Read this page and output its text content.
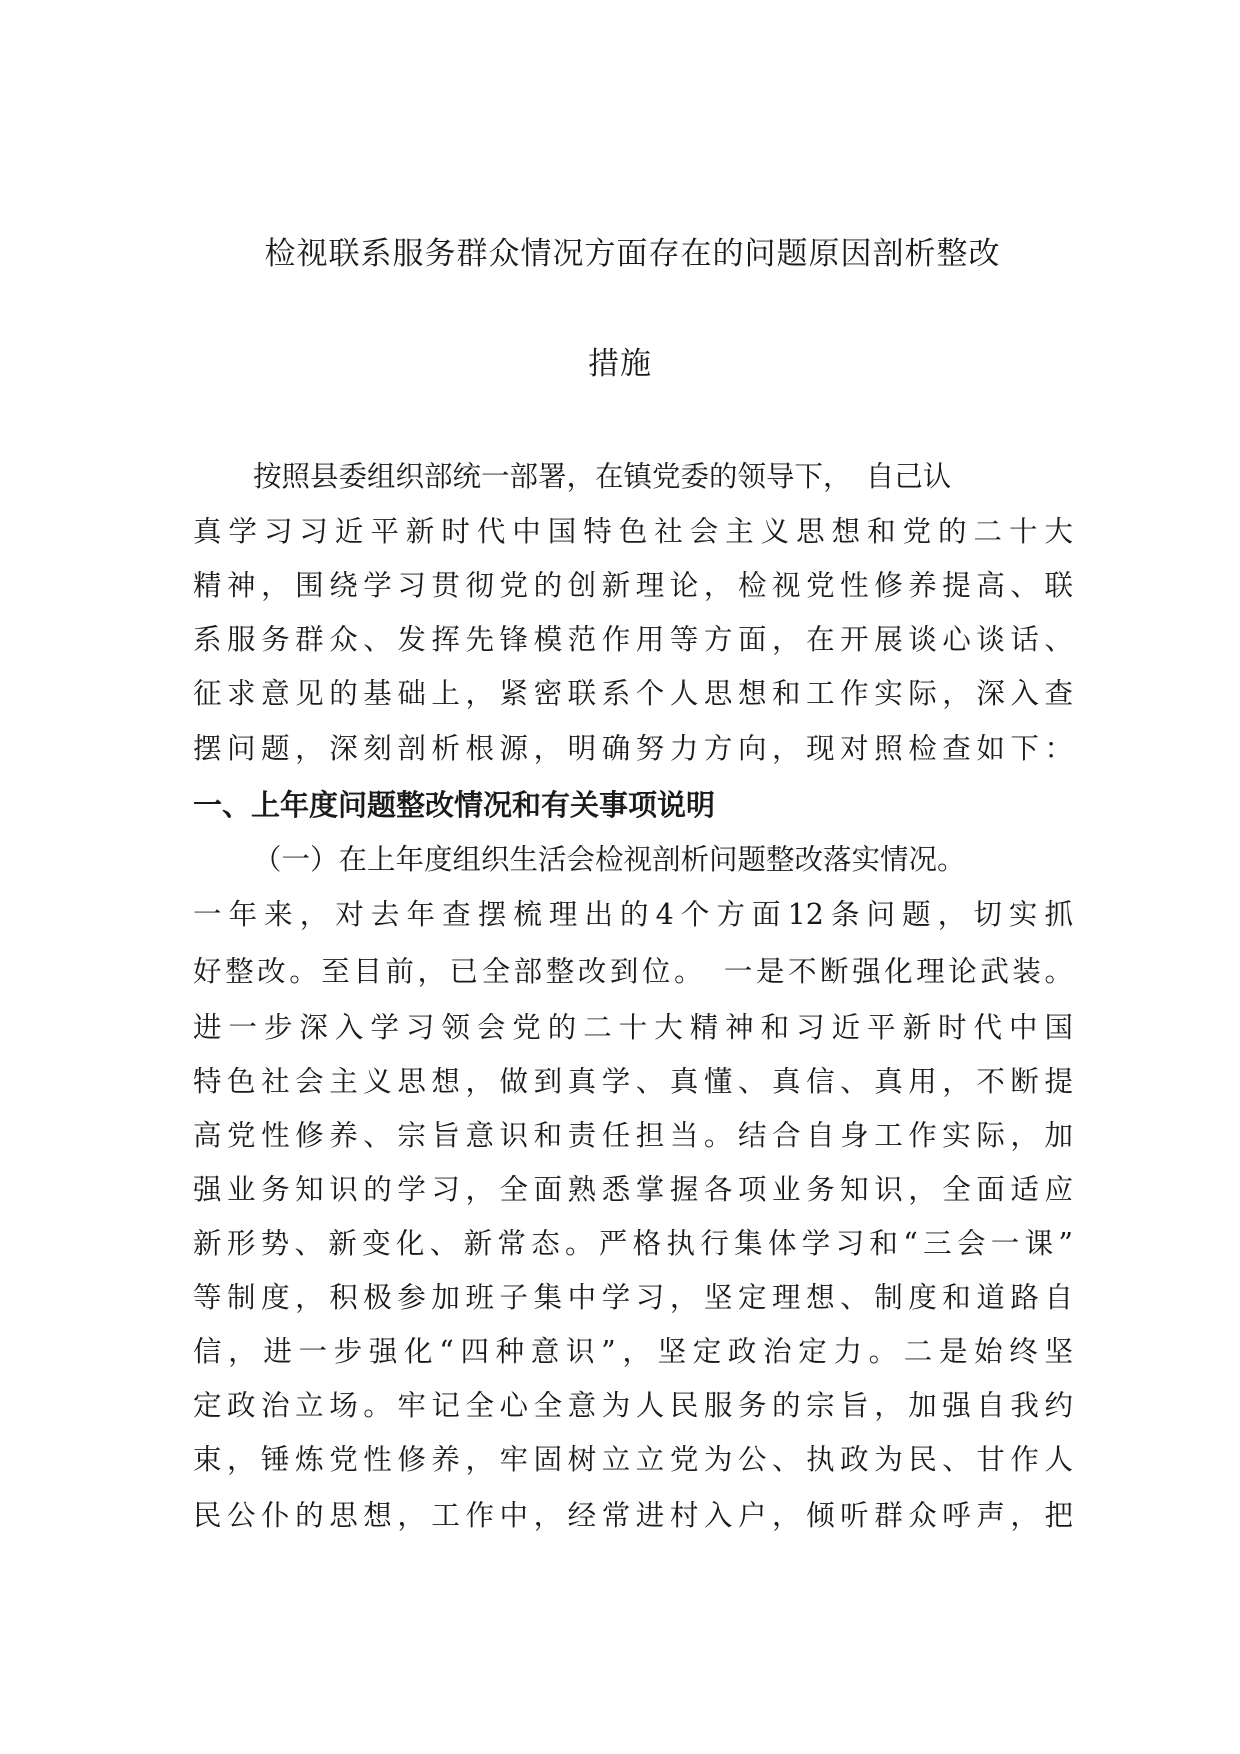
检视联系服务群众情况方面存在的问题原因剖析整改
措施
按照县委组织部统一部署，在镇党委的领导下，　自己认
真学习习近平新时代中国特色社会主义思想和党的二十大
精神，围绕学习贯彻党的创新理论，检视党性修养提高、联
系服务群众、发挥先锋模范作用等方面，在开展谈心谈话、
征求意见的基础上，紧密联系个人思想和工作实际，深入查
摆问题，深刻剖析根源，明确努力方向，现对照检查如下：
一、上年度问题整改情况和有关事项说明
（一）在上年度组织生活会检视剖析问题整改落实情况。
一年来，对去年查摆梳理出的4个方面12条问题，切实抓
好整改。至目前，已全部整改到位。　一是不断强化理论武装。
进一步深入学习领会党的二十大精神和习近平新时代中国
特色社会主义思想，做到真学、真懂、真信、真用，不断提
高党性修养、宗旨意识和责任担当。结合自身工作实际，加
强业务知识的学习，全面熟悉掌握各项业务知识，全面适应
新形势、新变化、新常态。严格执行集体学习和“三会一课”
等制度，积极参加班子集中学习，坚定理想、制度和道路自
信，进一步强化“四种意识”，坚定政治定力。二是始终坚
定政治立场。牢记全心全意为人民服务的宗旨，加强自我约
束，锤炼党性修养，牢固树立立党为公、执政为民、甘作人
民公仆的思想，工作中，经常进村入户，倾听群众呼声，把
